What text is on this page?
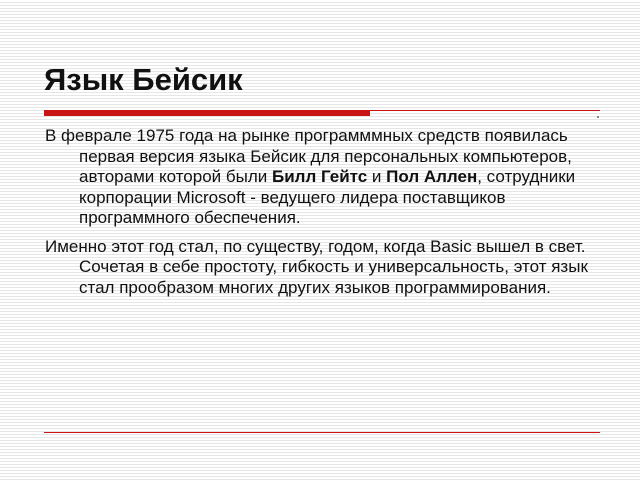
Язык Бейсик

В феврале 1975 года на рынке программмных средств появилась первая версия языка Бейсик для персональных компьютеров, авторами которой были Билл Гейтс и Пол Аллен, сотрудники корпорации Microsoft - ведущего лидера поставщиков программного обеспечения.

Именно этот год стал, по существу, годом, когда Basic вышел в свет. Сочетая в себе простоту, гибкость и универсальность, этот язык стал прообразом многих других языков программирования.
